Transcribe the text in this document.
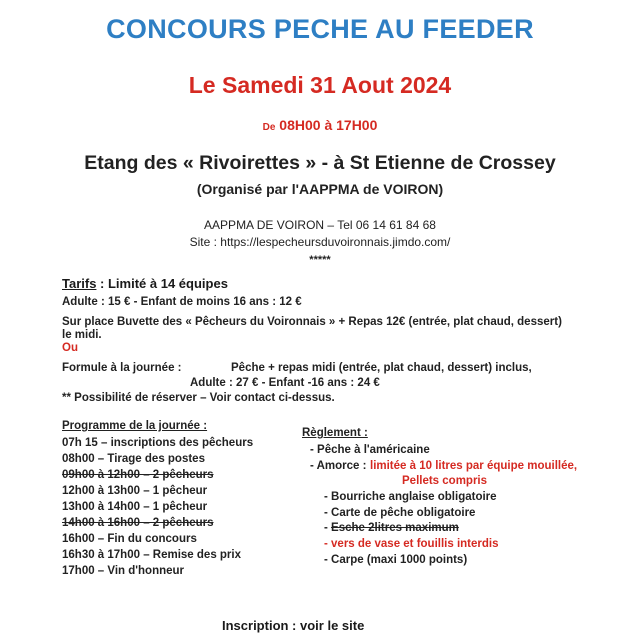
CONCOURS PECHE AU FEEDER
Le Samedi 31 Aout 2024
De 08H00 à 17H00
Etang des « Rivoirettes » - à St Etienne de Crossey
(Organisé par l'AAPPMA de VOIRON)
AAPPMA DE VOIRON – Tel 06 14 61 84 68
Site : https://lespecheursduvoironnais.jimdo.com/
*****
Tarifs : Limité à 14 équipes
Adulte : 15 € - Enfant de moins 16 ans : 12 €
Sur place Buvette des « Pêcheurs du Voironnais » + Repas 12€ (entrée, plat chaud, dessert)
le midi.
Ou
Formule à la journée :	Pêche + repas midi (entrée, plat chaud, dessert) inclus,
Adulte : 27 € - Enfant -16 ans : 24 €
** Possibilité de réserver – Voir contact ci-dessus.
Programme de la journée :
07h 15 – inscriptions des pêcheurs
08h00 – Tirage des postes
09h00 à 12h00 – 2 pêcheurs
12h00 à 13h00 – 1 pêcheur
13h00 à 14h00 – 1 pêcheur
14h00 à 16h00 – 2 pêcheurs
16h00 – Fin du concours
16h30 à 17h00 – Remise des prix
17h00 – Vin d'honneur
Règlement :
- Pêche à l'américaine
- Amorce : limitée à 10 litres par équipe mouillée,
Pellets compris
- Bourriche anglaise obligatoire
- Carte de pêche obligatoire
- Esche 2litres maximum
- vers de vase et fouillis interdis
- Carpe (maxi 1000 points)
Inscription : voir le site
